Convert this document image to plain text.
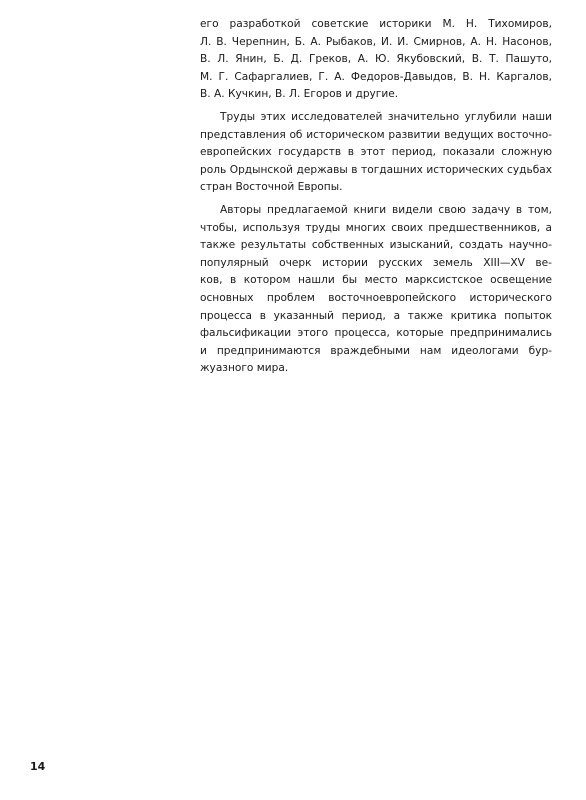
его разработкой советские историки М. Н. Тихомиров,
Л. В. Черепнин, Б. А. Рыбаков, И. И. Смирнов, А. Н. Насонов,
В. Л. Янин, Б. Д. Греков, А. Ю. Якубовский, В. Т. Пашуто,
М. Г. Сафаргалиев, Г. А. Федоров-Давыдов, В. Н. Каргалов,
В. А. Кучкин, В. Л. Егоров и другие.

Труды этих исследователей значительно углубили наши
представления об историческом развитии ведущих восточно-
европейских государств в этот период, показали сложную
роль Ордынской державы в тогдашних исторических судьбах
стран Восточной Европы.

Авторы предлагаемой книги видели свою задачу в том,
чтобы, используя труды многих своих предшественников, а
также результаты собственных изысканий, создать научно-
популярный очерк истории русских земель XIII—XV ве-
ков, в котором нашли бы место марксистское освещение
основных проблем восточноевропейского исторического
процесса в указанный период, а также критика попыток
фальсификации этого процесса, которые предпринимались
и предпринимаются враждебными нам идеологами бур-
жуазного мира.

14
